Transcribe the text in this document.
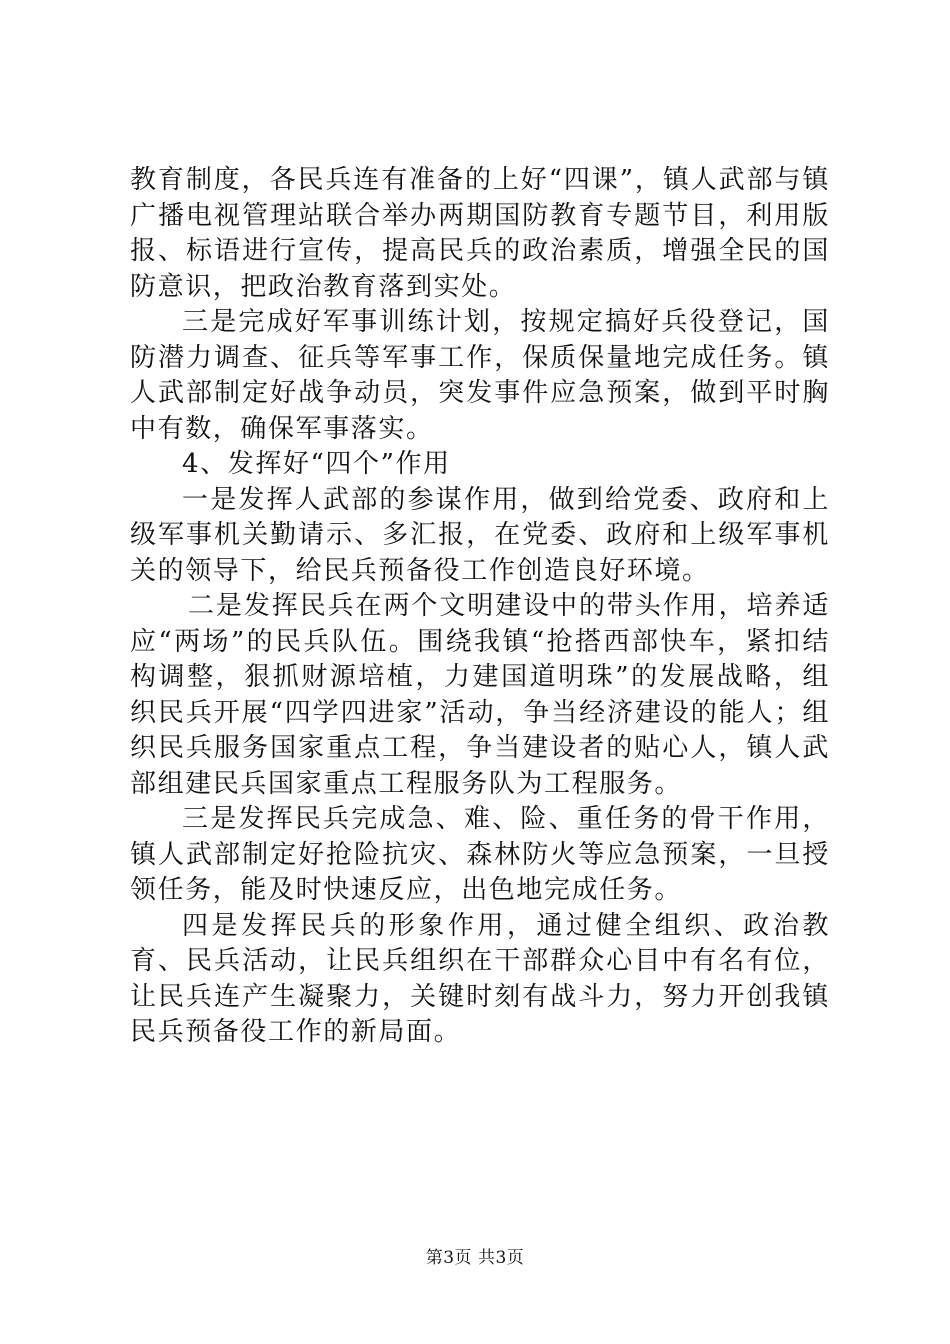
教育制度，各民兵连有准备的上好“四课”，镇人武部与镇广播电视管理站联合举办两期国防教育专题节目，利用版报、标语进行宣传，提高民兵的政治素质，增强全民的国防意识，把政治教育落到实处。

三是完成好军事训练计划，按规定搞好兵役登记，国防潜力调查、征兵等军事工作，保质保量地完成任务。镇人武部制定好战争动员，突发事件应急预案，做到平时胸中有数，确保军事落实。

4、发挥好“四个”作用

一是发挥人武部的参谋作用，做到给党委、政府和上级军事机关勤请示、多汇报，在党委、政府和上级军事机关的领导下，给民兵预备役工作创造良好环境。

二是发挥民兵在两个文明建设中的带头作用，培养适应“两场”的民兵队伍。围绕我镇“抢搭西部快车，紧扣结构调整，狠抓财源培植，力建国道明珠”的发展战略，组织民兵开展“四学四进家”活动，争当经济建设的能人；组织民兵服务国家重点工程，争当建设者的贴心人，镇人武部组建民兵国家重点工程服务队为工程服务。

三是发挥民兵完成急、难、险、重任务的骨干作用，镇人武部制定好抢险抗灾、森林防火等应急预案，一旦授领任务，能及时快速反应，出色地完成任务。

四是发挥民兵的形象作用，通过健全组织、政治教育、民兵活动，让民兵组织在干部群众心目中有名有位，让民兵连产生凝聚力，关键时刻有战斗力，努力开创我镇民兵预备役工作的新局面。

第3页 共3页
